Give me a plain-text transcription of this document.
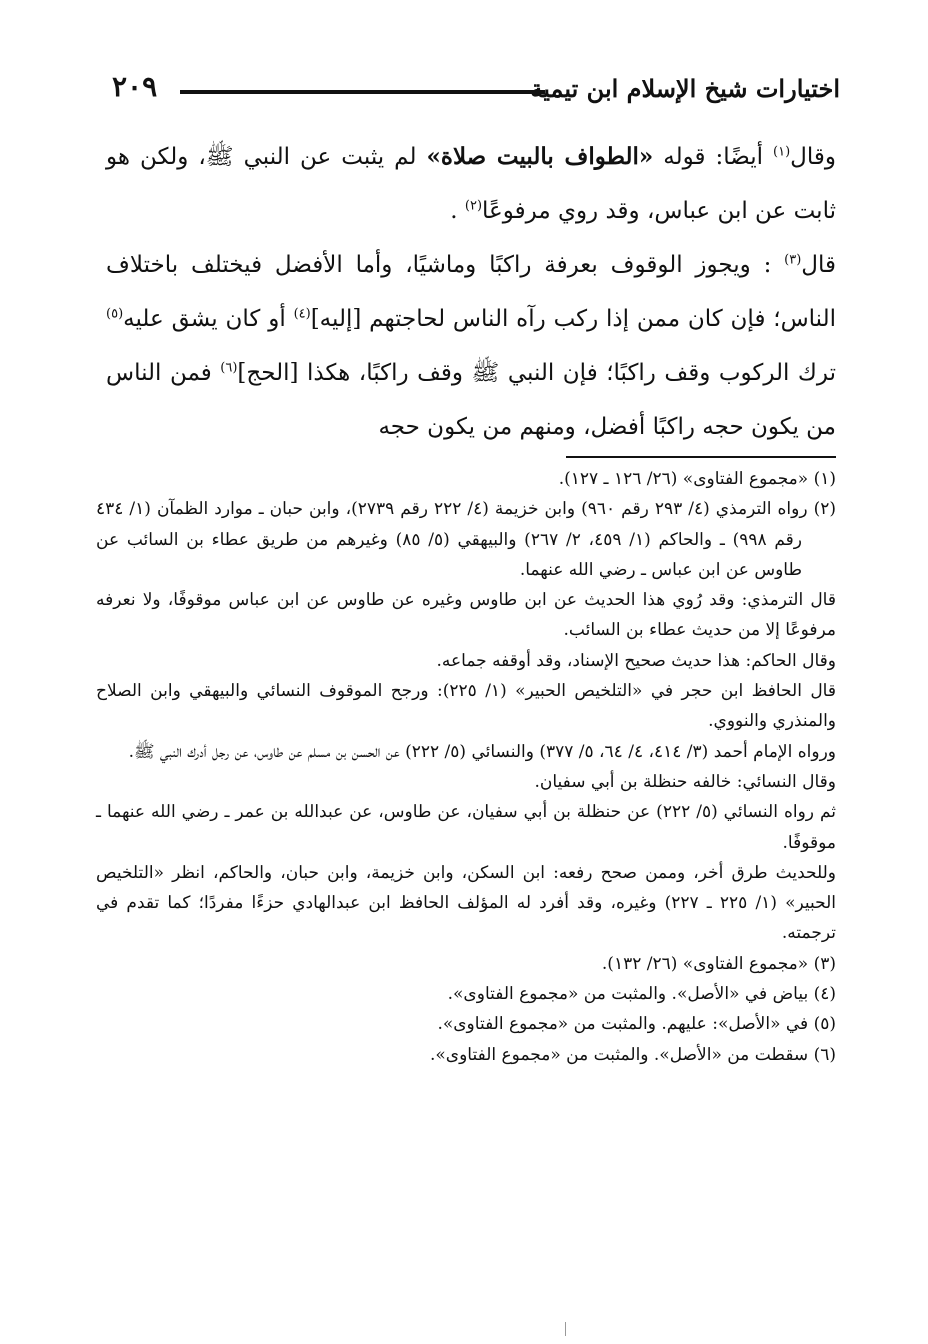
اختيارات شيخ الإسلام ابن تيمية
٢٠٩

وقال$^{(١)}$ أيضًا: قوله «الطواف بالبيت صلاة» لم يثبت عن النبي ﷺ، ولكن هو ثابت عن ابن عباس، وقد روي مرفوعًا$^{(٢)}$ .

قال$^{(٣)}$ : ويجوز الوقوف بعرفة راكبًا وماشيًا، وأما الأفضل فيختلف باختلاف الناس؛ فإن كان ممن إذا ركب رآه الناس لحاجتهم [إليه]$^{(٤)}$ أو كان يشق عليه$^{(٥)}$ ترك الركوب وقف راكبًا؛ فإن النبي ﷺ وقف راكبًا، هكذا [الحج]$^{(٦)}$ فمن الناس من يكون حجه راكبًا أفضل، ومنهم من يكون حجه

(١) «مجموع الفتاوى» (٢٦/ ١٢٦ ـ ١٢٧).

(٢) رواه الترمذي (٤/ ٢٩٣ رقم ٩٦٠) وابن خزيمة (٤/ ٢٢٢ رقم ٢٧٣٩)، وابن حبان ـ موارد الظمآن (١/ ٤٣٤ رقم ٩٩٨) ـ والحاكم (١/ ٤٥٩، ٢/ ٢٦٧) والبيهقي (٥/ ٨٥) وغيرهم من طريق عطاء بن السائب عن طاوس عن ابن عباس ـ رضي الله عنهما.

قال الترمذي: وقد رُوي هذا الحديث عن ابن طاوس وغيره عن طاوس عن ابن عباس موقوفًا، ولا نعرفه مرفوعًا إلا من حديث عطاء بن السائب.

وقال الحاكم: هذا حديث صحيح الإسناد، وقد أوقفه جماعه.

قال الحافظ ابن حجر في «التلخيص الحبير» (١/ ٢٢٥): ورجح الموقوف النسائي والبيهقي وابن الصلاح والمنذري والنووي.

ورواه الإمام أحمد (٣/ ٤١٤، ٤/ ٦٤، ٥/ ٣٧٧) والنسائي (٥/ ٢٢٢) عن الحسن بن مسلم عن طاوس، عن رجل أدرك النبي ﷺ.

وقال النسائي: خالفه حنظلة بن أبي سفيان.

ثم رواه النسائي (٥/ ٢٢٢) عن حنظلة بن أبي سفيان، عن طاوس، عن عبدالله بن عمر ـ رضي الله عنهما ـ موقوفًا.

وللحديث طرق أخر، وممن صحح رفعه: ابن السكن، وابن خزيمة، وابن حبان، والحاكم، انظر «التلخيص الحبير» (١/ ٢٢٥ ـ ٢٢٧) وغيره، وقد أفرد له المؤلف الحافظ ابن عبدالهادي حزءًا مفردًا؛ كما تقدم في ترجمته.

(٣) «مجموع الفتاوى» (٢٦/ ١٣٢).

(٤) بياض في «الأصل». والمثبت من «مجموع الفتاوى».

(٥) في «الأصل»: عليهم. والمثبت من «مجموع الفتاوى».

(٦) سقطت من «الأصل». والمثبت من «مجموع الفتاوى».
